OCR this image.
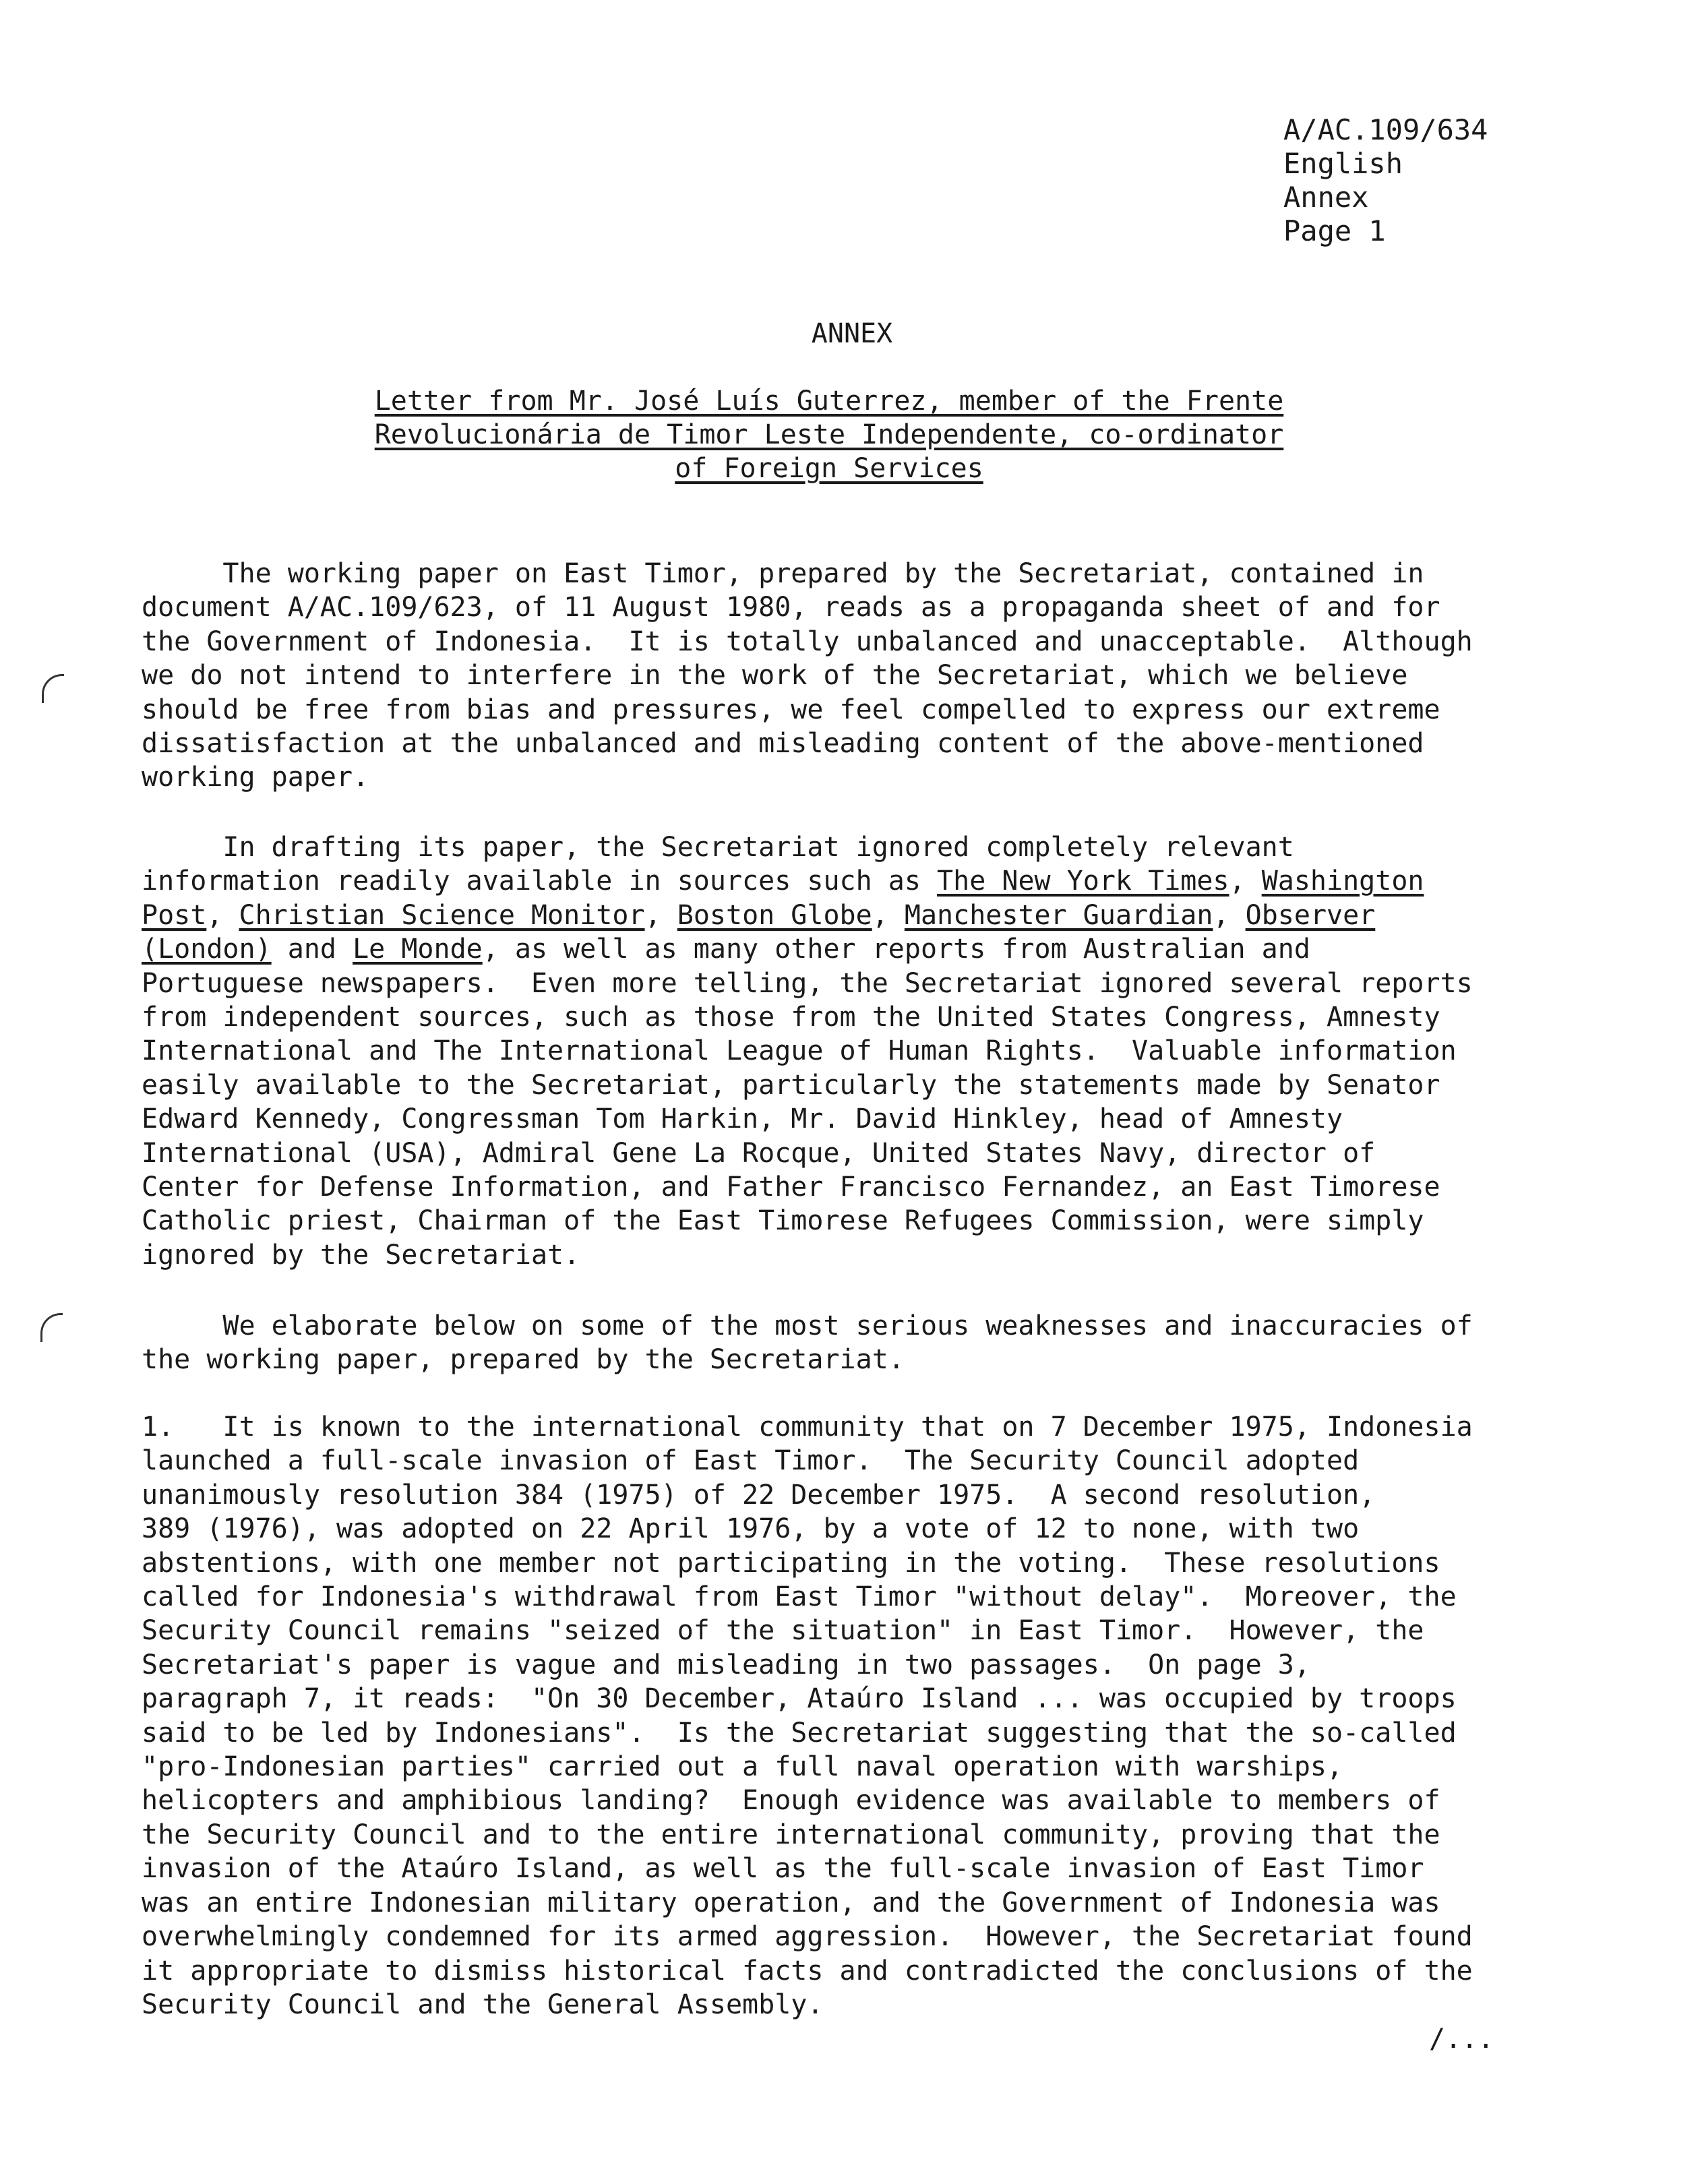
A/AC.109/634
English
Annex
Page 1
ANNEX
Letter from Mr. José Luís Guterrez, member of the Frente
Revolucionária de Timor Leste Independente, co-ordinator
of Foreign Services
The working paper on East Timor, prepared by the Secretariat, contained in
document A/AC.109/623, of 11 August 1980, reads as a propaganda sheet of and for
the Government of Indonesia.  It is totally unbalanced and unacceptable.  Although
we do not intend to interfere in the work of the Secretariat, which we believe
should be free from bias and pressures, we feel compelled to express our extreme
dissatisfaction at the unbalanced and misleading content of the above-mentioned
working paper.
In drafting its paper, the Secretariat ignored completely relevant
information readily available in sources such as The New York Times, Washington
Post, Christian Science Monitor, Boston Globe, Manchester Guardian, Observer
(London) and Le Monde, as well as many other reports from Australian and
Portuguese newspapers.  Even more telling, the Secretariat ignored several reports
from independent sources, such as those from the United States Congress, Amnesty
International and The International League of Human Rights.  Valuable information
easily available to the Secretariat, particularly the statements made by Senator
Edward Kennedy, Congressman Tom Harkin, Mr. David Hinkley, head of Amnesty
International (USA), Admiral Gene La Rocque, United States Navy, director of
Center for Defense Information, and Father Francisco Fernandez, an East Timorese
Catholic priest, Chairman of the East Timorese Refugees Commission, were simply
ignored by the Secretariat.
We elaborate below on some of the most serious weaknesses and inaccuracies of
the working paper, prepared by the Secretariat.
1.   It is known to the international community that on 7 December 1975, Indonesia
launched a full-scale invasion of East Timor.  The Security Council adopted
unanimously resolution 384 (1975) of 22 December 1975.  A second resolution,
389 (1976), was adopted on 22 April 1976, by a vote of 12 to none, with two
abstentions, with one member not participating in the voting.  These resolutions
called for Indonesia's withdrawal from East Timor "without delay".  Moreover, the
Security Council remains "seized of the situation" in East Timor.  However, the
Secretariat's paper is vague and misleading in two passages.  On page 3,
paragraph 7, it reads:  "On 30 December, Ataúro Island ... was occupied by troops
said to be led by Indonesians".  Is the Secretariat suggesting that the so-called
"pro-Indonesian parties" carried out a full naval operation with warships,
helicopters and amphibious landing?  Enough evidence was available to members of
the Security Council and to the entire international community, proving that the
invasion of the Ataúro Island, as well as the full-scale invasion of East Timor
was an entire Indonesian military operation, and the Government of Indonesia was
overwhelmingly condemned for its armed aggression.  However, the Secretariat found
it appropriate to dismiss historical facts and contradicted the conclusions of the
Security Council and the General Assembly.
/...
